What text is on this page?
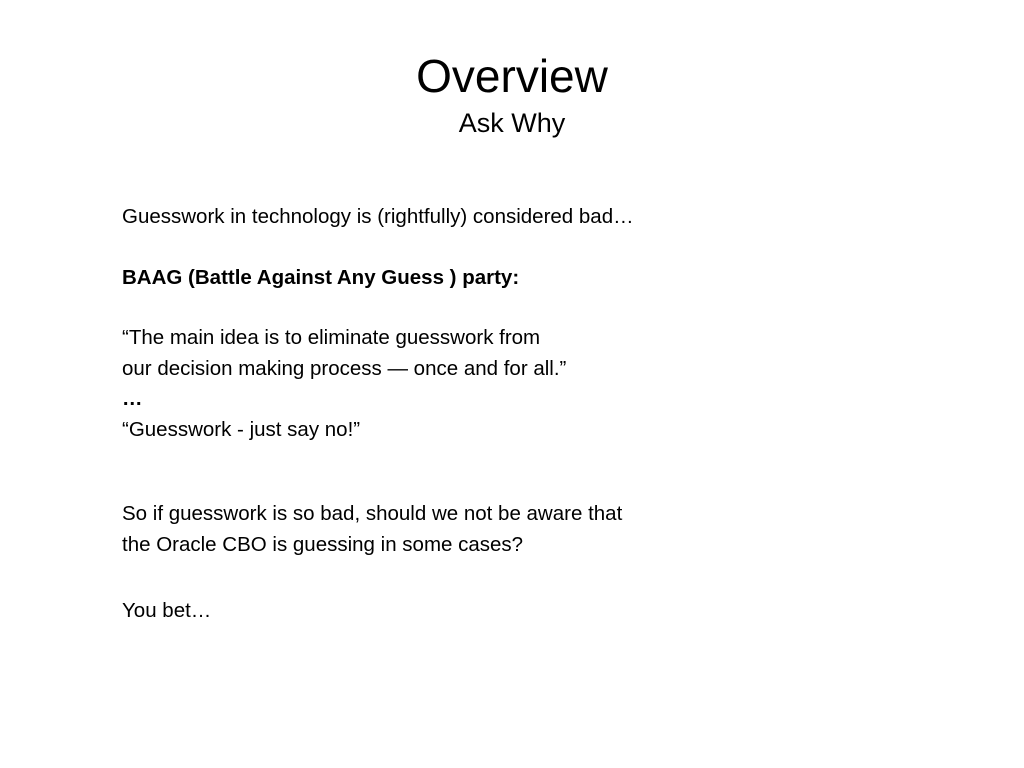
Overview
Ask Why
Guesswork in technology is (rightfully) considered bad…
BAAG (Battle Against Any Guess ) party:
“The main idea is to eliminate guesswork from
our decision making process — once and for all.”
…
“Guesswork - just say no!”
So if guesswork is so bad, should we not be aware that
the Oracle CBO is guessing in some cases?
You bet…
